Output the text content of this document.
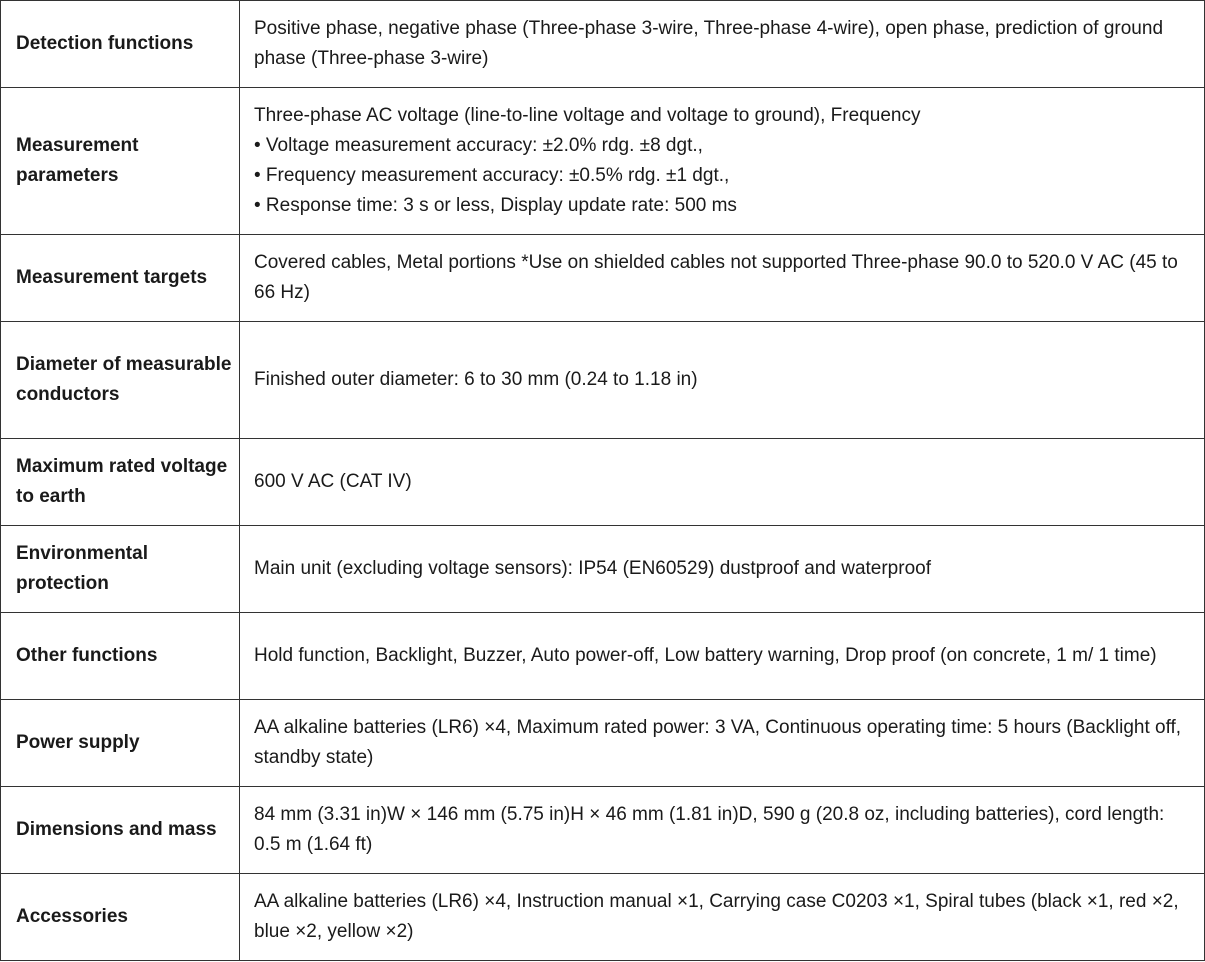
Detection functions	Positive phase, negative phase (Three-phase 3-wire, Three-phase 4-wire), open phase, prediction of ground phase (Three-phase 3-wire)
Measurement parameters	Three-phase AC voltage (line-to-line voltage and voltage to ground), Frequency
• Voltage measurement accuracy: ±2.0% rdg. ±8 dgt.,
• Frequency measurement accuracy: ±0.5% rdg. ±1 dgt.,
• Response time: 3 s or less, Display update rate: 500 ms

Measurement targets	Covered cables, Metal portions *Use on shielded cables not supported Three-phase 90.0 to 520.0 V AC (45 to 66 Hz)
Diameter of measurable conductors	Finished outer diameter: 6 to 30 mm (0.24 to 1.18 in)
Maximum rated voltage to earth	600 V AC (CAT IV)
Environmental protection	Main unit (excluding voltage sensors): IP54 (EN60529) dustproof and waterproof
Other functions	Hold function, Backlight, Buzzer, Auto power-off, Low battery warning, Drop proof (on concrete, 1 m/ 1 time)
Power supply	AA alkaline batteries (LR6) ×4, Maximum rated power: 3 VA, Continuous operating time: 5 hours (Backlight off, standby state)
Dimensions and mass	84 mm (3.31 in)W × 146 mm (5.75 in)H × 46 mm (1.81 in)D, 590 g (20.8 oz, including batteries), cord length: 0.5 m (1.64 ft)
Accessories	AA alkaline batteries (LR6) ×4, Instruction manual ×1, Carrying case C0203 ×1, Spiral tubes (black ×1, red ×2, blue ×2, yellow ×2)
